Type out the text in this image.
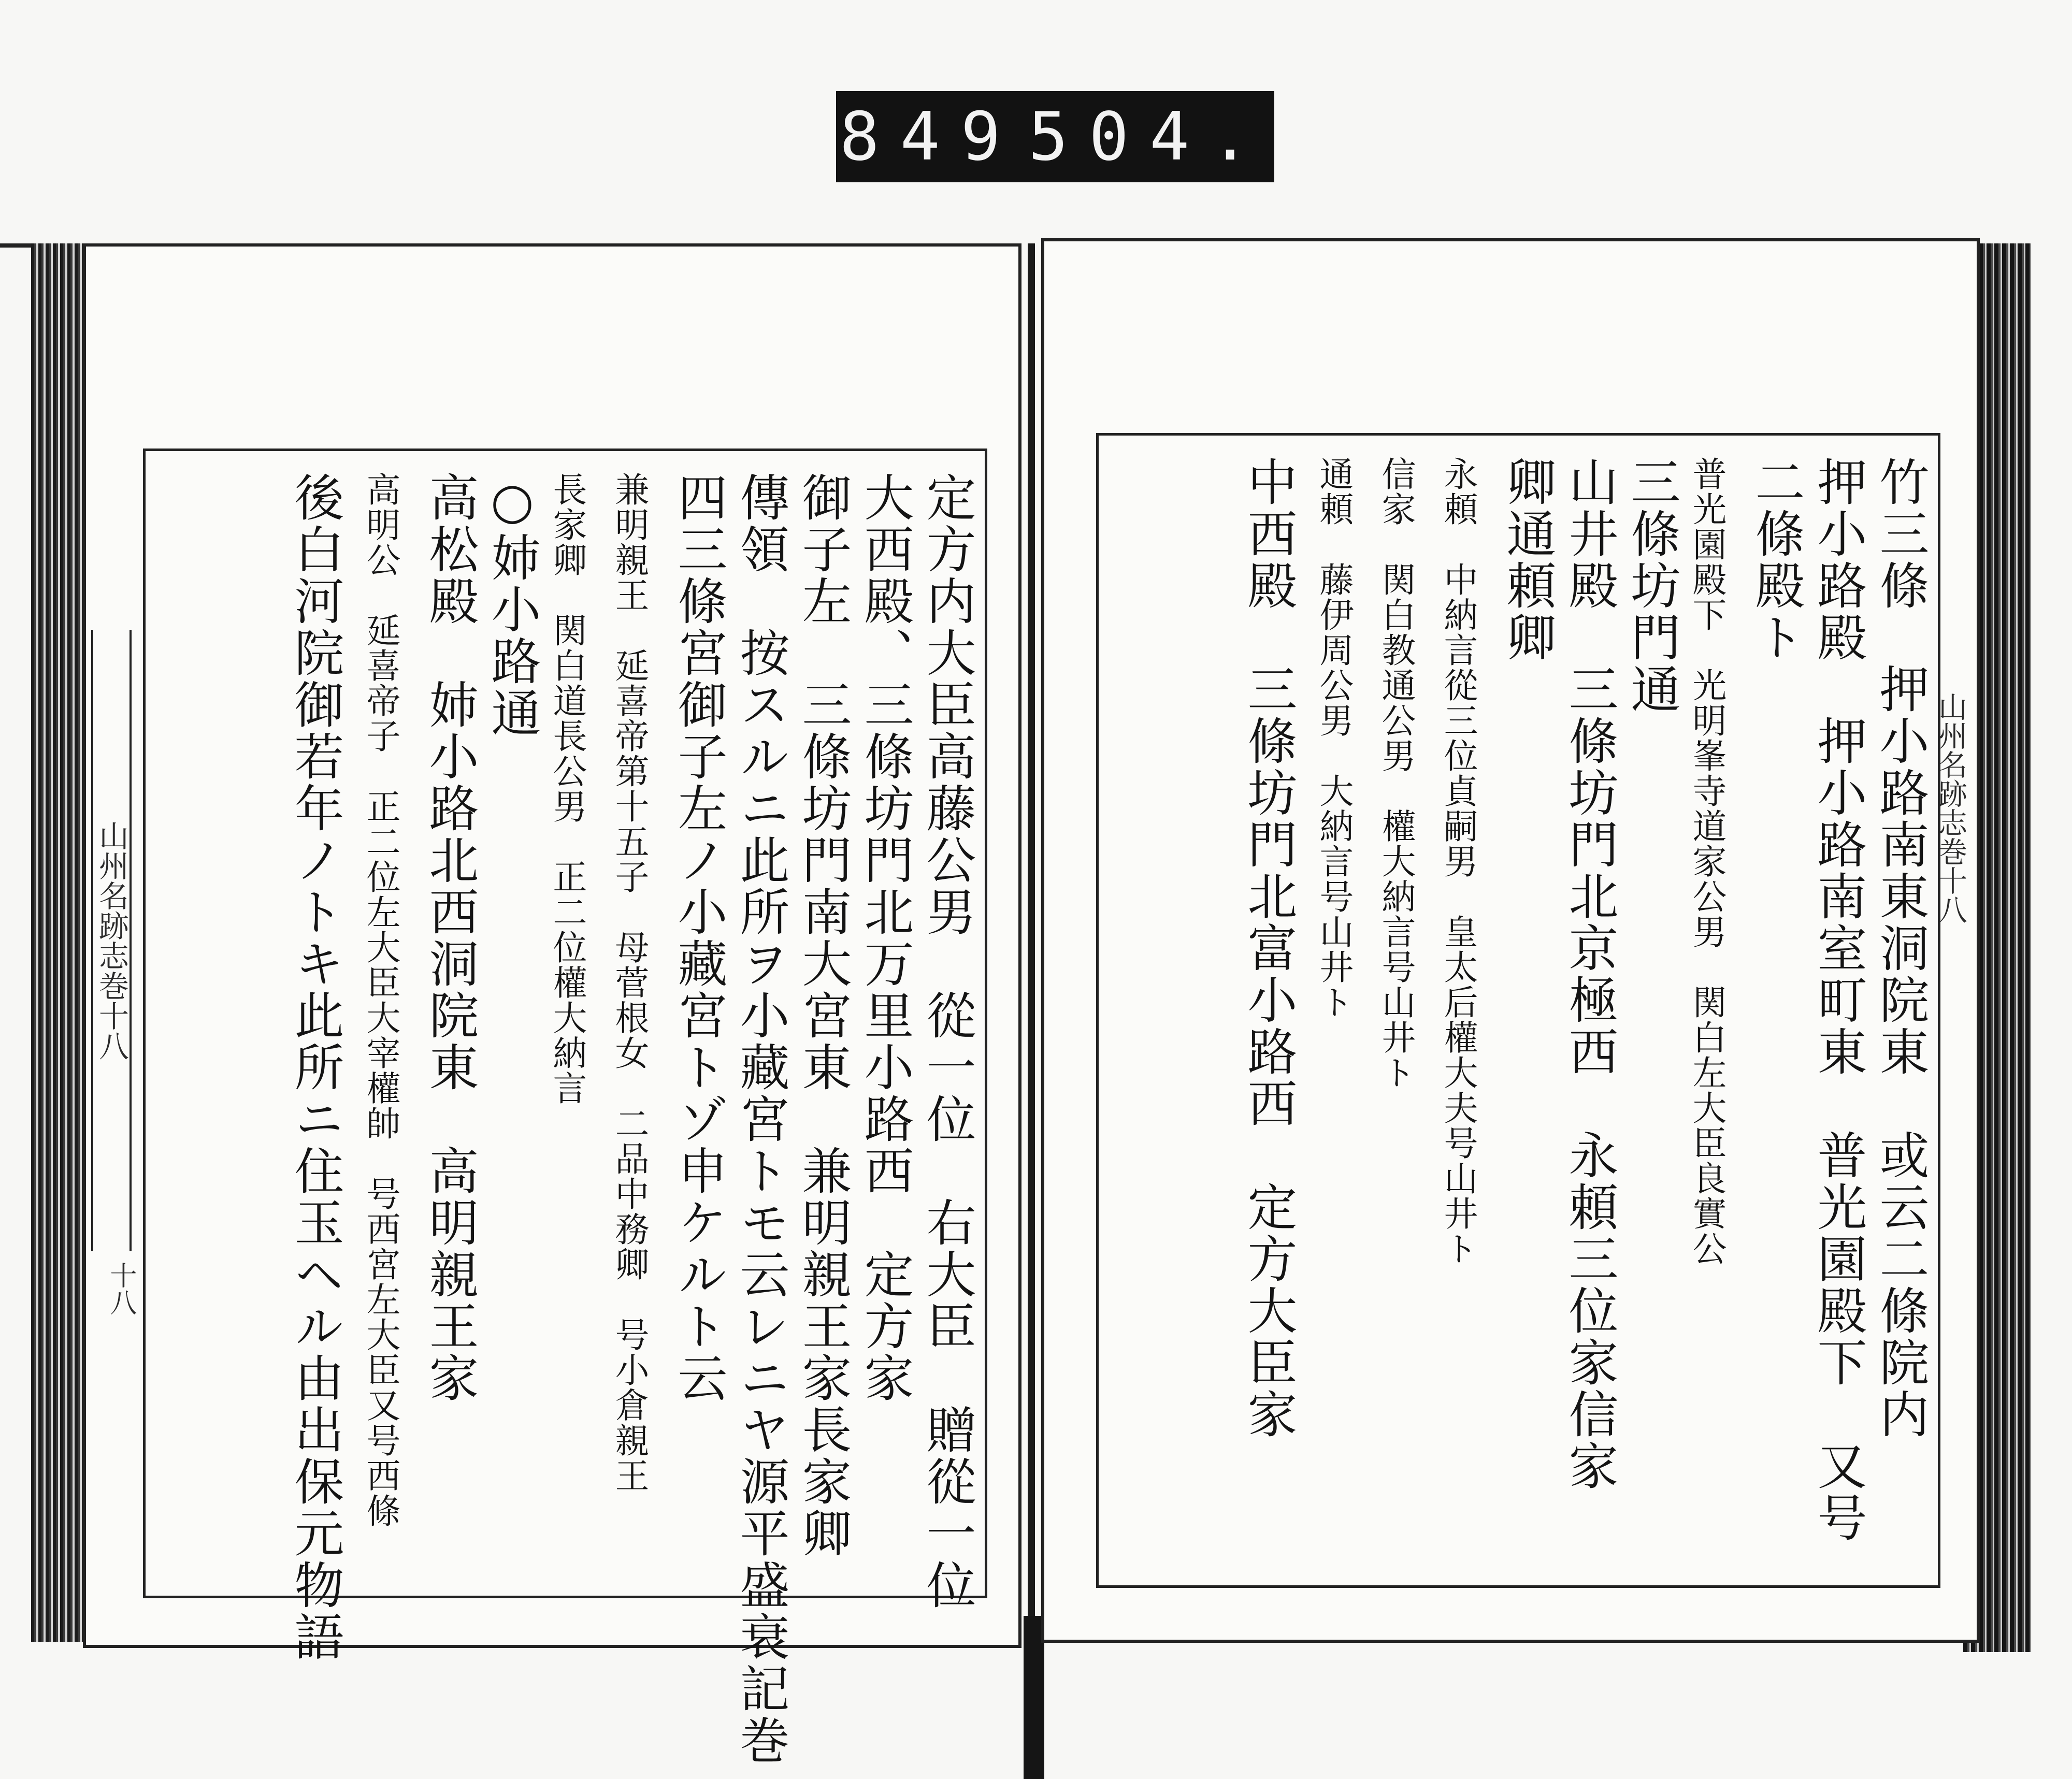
849 504.
山州名跡志巻十八
十八	定方内大臣高藤公男　從一位　右大臣　贈從一位
大西殿、三條坊門北万里小路西　定方家
御子左　三條坊門南大宮東　兼明親王家長家卿
傳領　按スルニ此所ヲ小藏宮トモ云レニヤ源平盛衰記巻
四三條宮御子左ノ小藏宮トゾ申ケルト云
兼明親王　延喜帝第十五子　母菅根女　二品中務卿　号小倉親王
長家卿　関白道長公男　正二位權大納言
○姉小路通
高松殿　姉小路北西洞院東　高明親王家
高明公　延喜帝子　正二位左大臣大宰權帥　号西宮左大臣又号西條
後白河院御若年ノトキ此所ニ住玉ヘル由出保元物語	山州名跡志巻十八
竹三條　押小路南東洞院東　或云二條院内
押小路殿　押小路南室町東　普光園殿下　又号
二條殿ト
普光園殿下　光明峯寺道家公男　関白左大臣良實公
三條坊門通
山井殿　三條坊門北京極西　永頼三位家信家
卿通頼卿
永頼　中納言從三位貞嗣男　皇太后權大夫号山井ト
信家　関白教通公男　權大納言号山井ト
通頼　藤伊周公男　大納言号山井ト
中西殿　三條坊門北富小路西　定方大臣家
